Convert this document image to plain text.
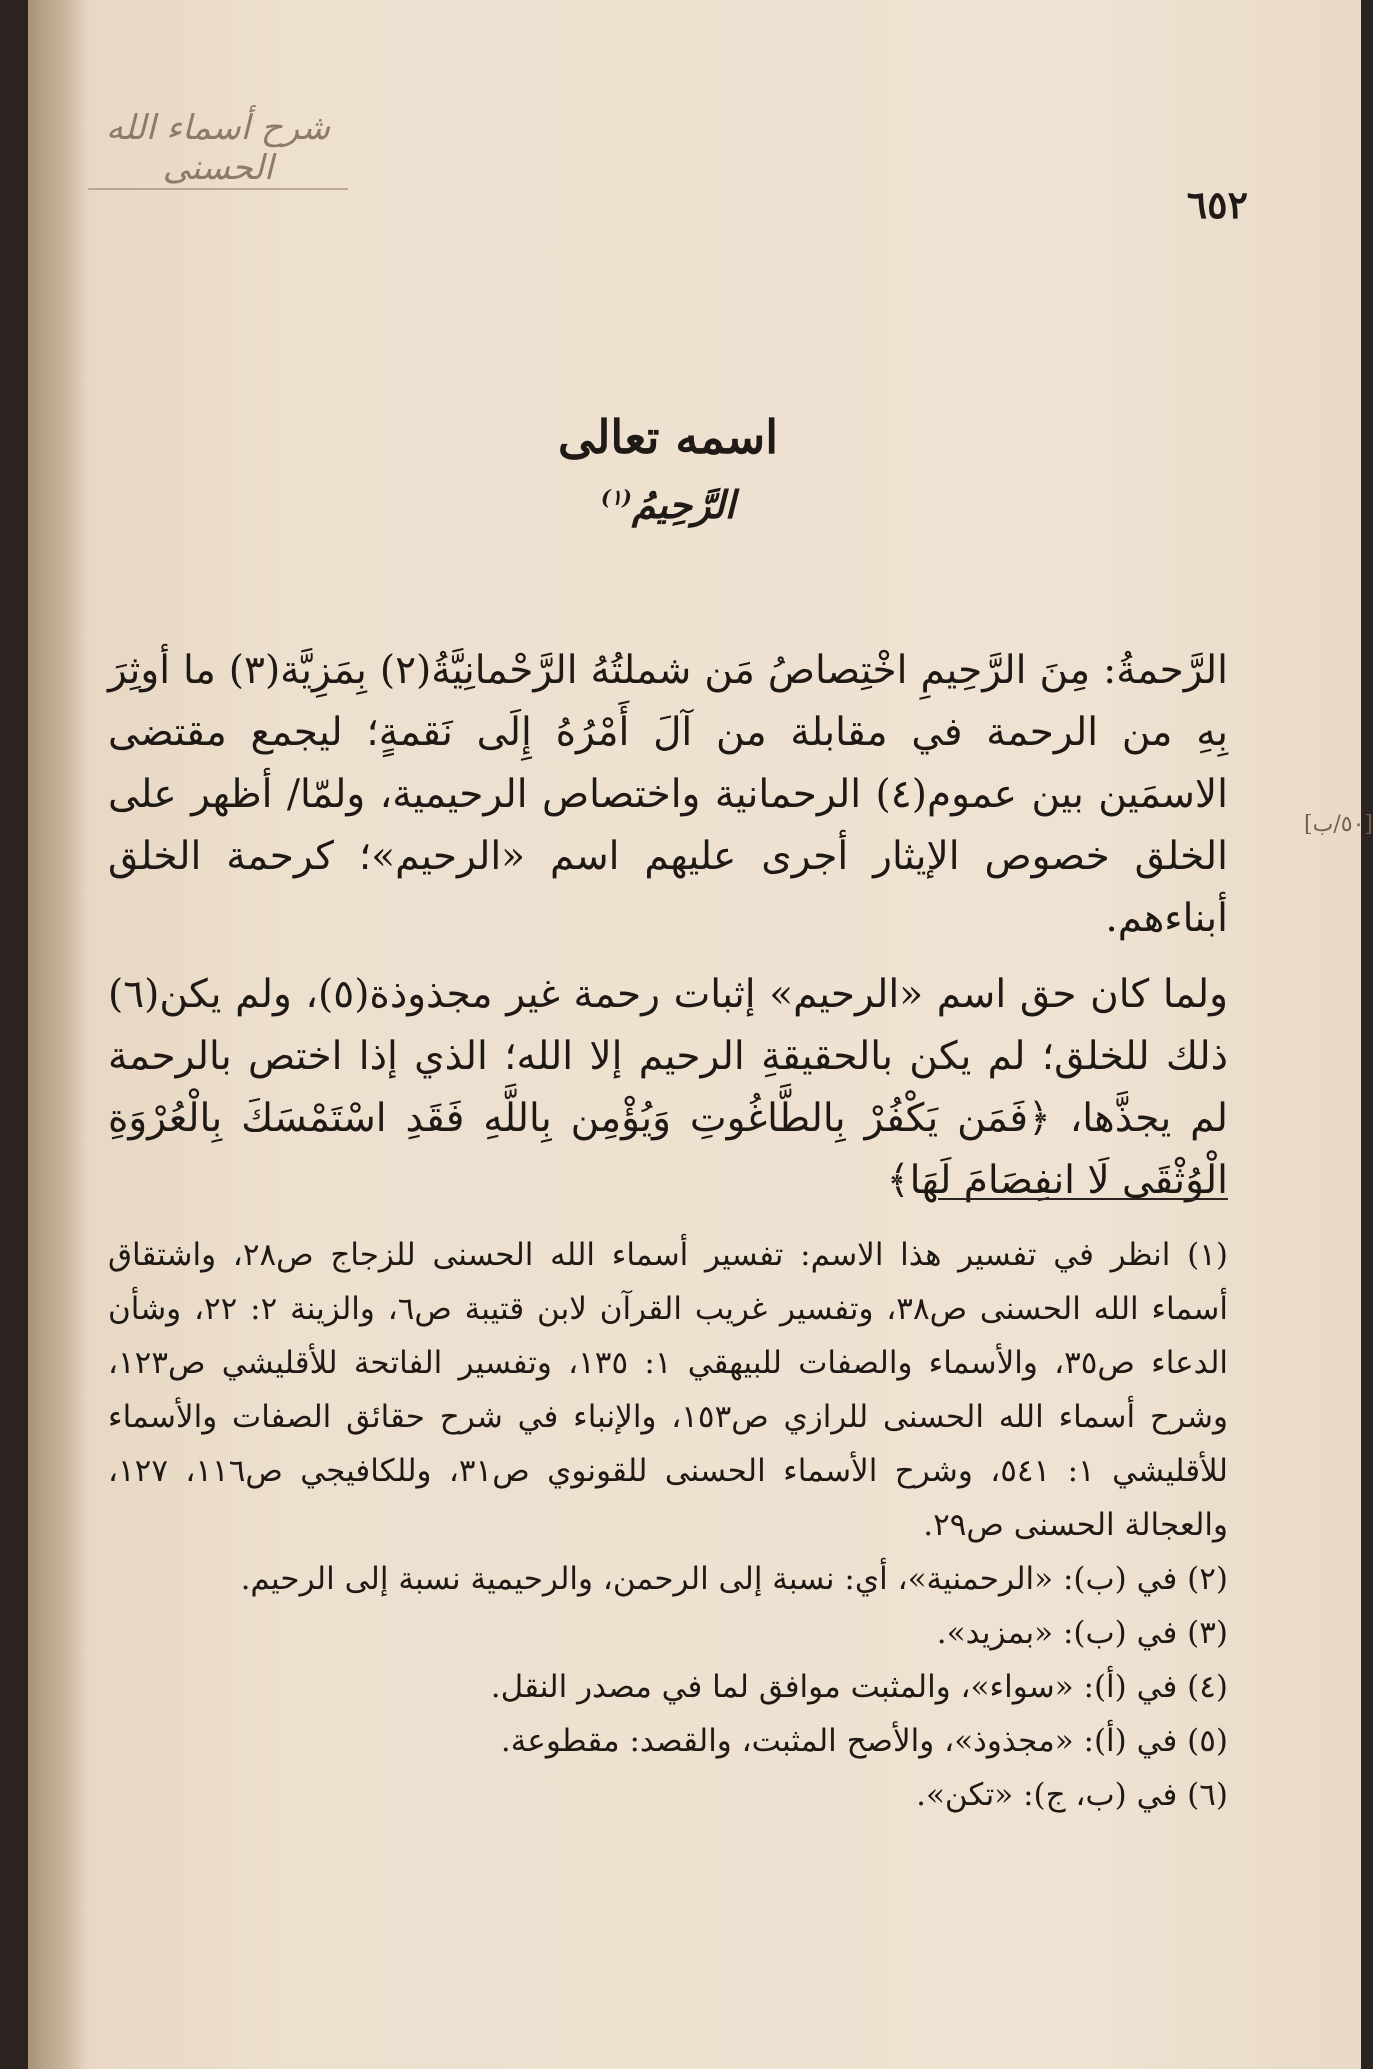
شرح أسماء الله الحسنى
٦٥٢
اسمه تعالى
الرَّحِيمُ$^{(١)}$
[٥٠/ب]

الرَّحمةُ: مِنَ الرَّحِيمِ اخْتِصاصُ مَن شملتُهُ الرَّحْمانِيَّةُ(٢) بِمَزِيَّة(٣) ما أوثِرَ بِهِ من الرحمة في مقابلة من آلَ أَمْرُهُ إِلَى نَقمةٍ؛ ليجمع مقتضى الاسمَين بين عموم(٤) الرحمانية واختصاص الرحيمية، ولمّا/ أظهر على الخلق خصوص الإيثار أجرى عليهم اسم «الرحيم»؛ كرحمة الخلق أبناءهم.

ولما كان حق اسم «الرحيم» إثبات رحمة غير مجذوذة(٥)، ولم يكن(٦) ذلك للخلق؛ لم يكن بالحقيقةِ الرحيم إلا الله؛ الذي إذا اختص بالرحمة لم يجذَّها، ﴿فَمَن يَكْفُرْ بِالطَّاغُوتِ وَيُؤْمِن بِاللَّهِ فَقَدِ اسْتَمْسَكَ بِالْعُرْوَةِ الْوُثْقَى لَا انفِصَامَ لَهَا﴾

(١) انظر في تفسير هذا الاسم: تفسير أسماء الله الحسنى للزجاج ص٢٨، واشتقاق أسماء الله الحسنى ص٣٨، وتفسير غريب القرآن لابن قتيبة ص٦، والزينة ٢: ٢٢، وشأن الدعاء ص٣٥، والأسماء والصفات للبيهقي ١: ١٣٥، وتفسير الفاتحة للأقليشي ص١٢٣، وشرح أسماء الله الحسنى للرازي ص١٥٣، والإنباء في شرح حقائق الصفات والأسماء للأقليشي ١: ٥٤١، وشرح الأسماء الحسنى للقونوي ص٣١، وللكافيجي ص١١٦، ١٢٧، والعجالة الحسنى ص٢٩.

(٢) في (ب): «الرحمنية»، أي: نسبة إلى الرحمن، والرحيمية نسبة إلى الرحيم.

(٣) في (ب): «بمزيد».

(٤) في (أ): «سواء»، والمثبت موافق لما في مصدر النقل.

(٥) في (أ): «مجذوذ»، والأصح المثبت، والقصد: مقطوعة.

(٦) في (ب، ج): «تكن».
